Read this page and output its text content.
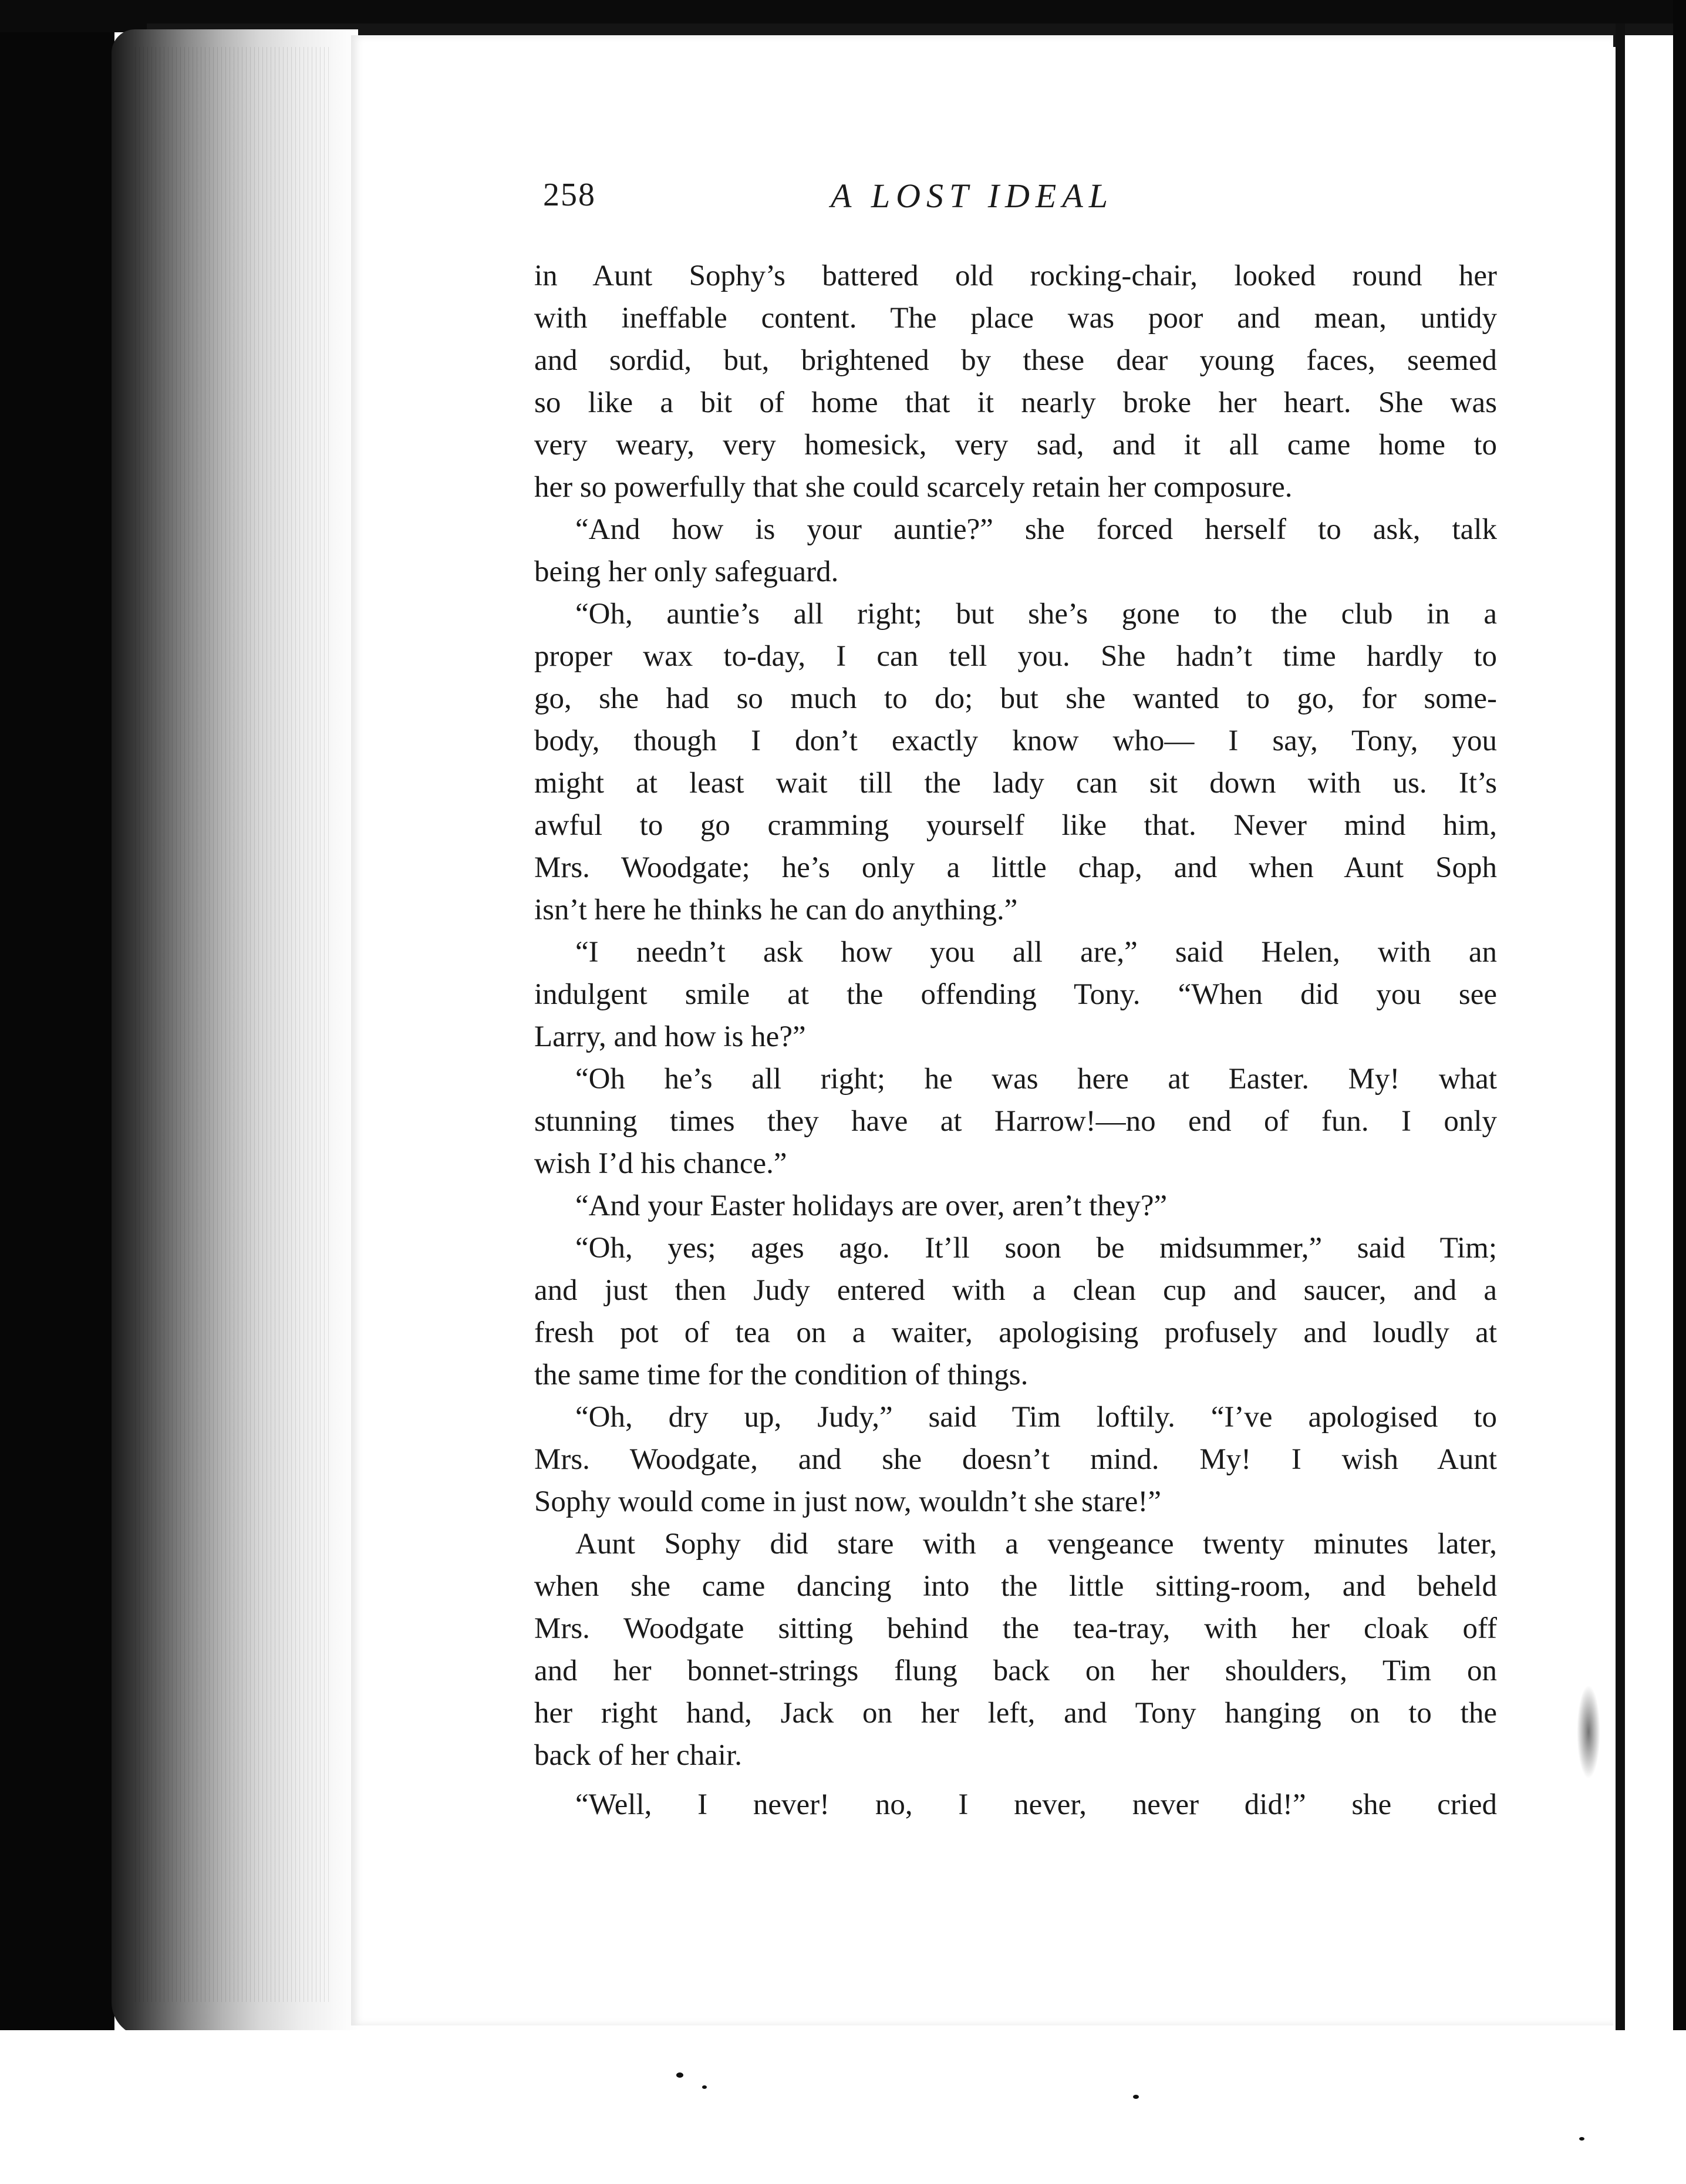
258	A LOST IDEAL
in Aunt Sophy’s battered old rocking-chair, looked round her
with ineffable content. The place was poor and mean, untidy
and sordid, but, brightened by these dear young faces, seemed
so like a bit of home that it nearly broke her heart. She was
very weary, very homesick, very sad, and it all came home to
her so powerfully that she could scarcely retain her composure.
“And how is your auntie?” she forced herself to ask, talk
being her only safeguard.
“Oh, auntie’s all right; but she’s gone to the club in a
proper wax to-day, I can tell you. She hadn’t time hardly to
go, she had so much to do; but she wanted to go, for some-
body, though I don’t exactly know who— I say, Tony, you
might at least wait till the lady can sit down with us. It’s
awful to go cramming yourself like that. Never mind him,
Mrs. Woodgate; he’s only a little chap, and when Aunt Soph
isn’t here he thinks he can do anything.”
“I needn’t ask how you all are,” said Helen, with an
indulgent smile at the offending Tony. “When did you see
Larry, and how is he?”
“Oh he’s all right; he was here at Easter. My! what
stunning times they have at Harrow!—no end of fun. I only
wish I’d his chance.”
“And your Easter holidays are over, aren’t they?”
“Oh, yes; ages ago. It’ll soon be midsummer,” said Tim;
and just then Judy entered with a clean cup and saucer, and a
fresh pot of tea on a waiter, apologising profusely and loudly at
the same time for the condition of things.
“Oh, dry up, Judy,” said Tim loftily. “I’ve apologised to
Mrs. Woodgate, and she doesn’t mind. My! I wish Aunt
Sophy would come in just now, wouldn’t she stare!”
Aunt Sophy did stare with a vengeance twenty minutes later,
when she came dancing into the little sitting-room, and beheld
Mrs. Woodgate sitting behind the tea-tray, with her cloak off
and her bonnet-strings flung back on her shoulders, Tim on
her right hand, Jack on her left, and Tony hanging on to the
back of her chair.
“Well, I never! no, I never, never did!” she cried
